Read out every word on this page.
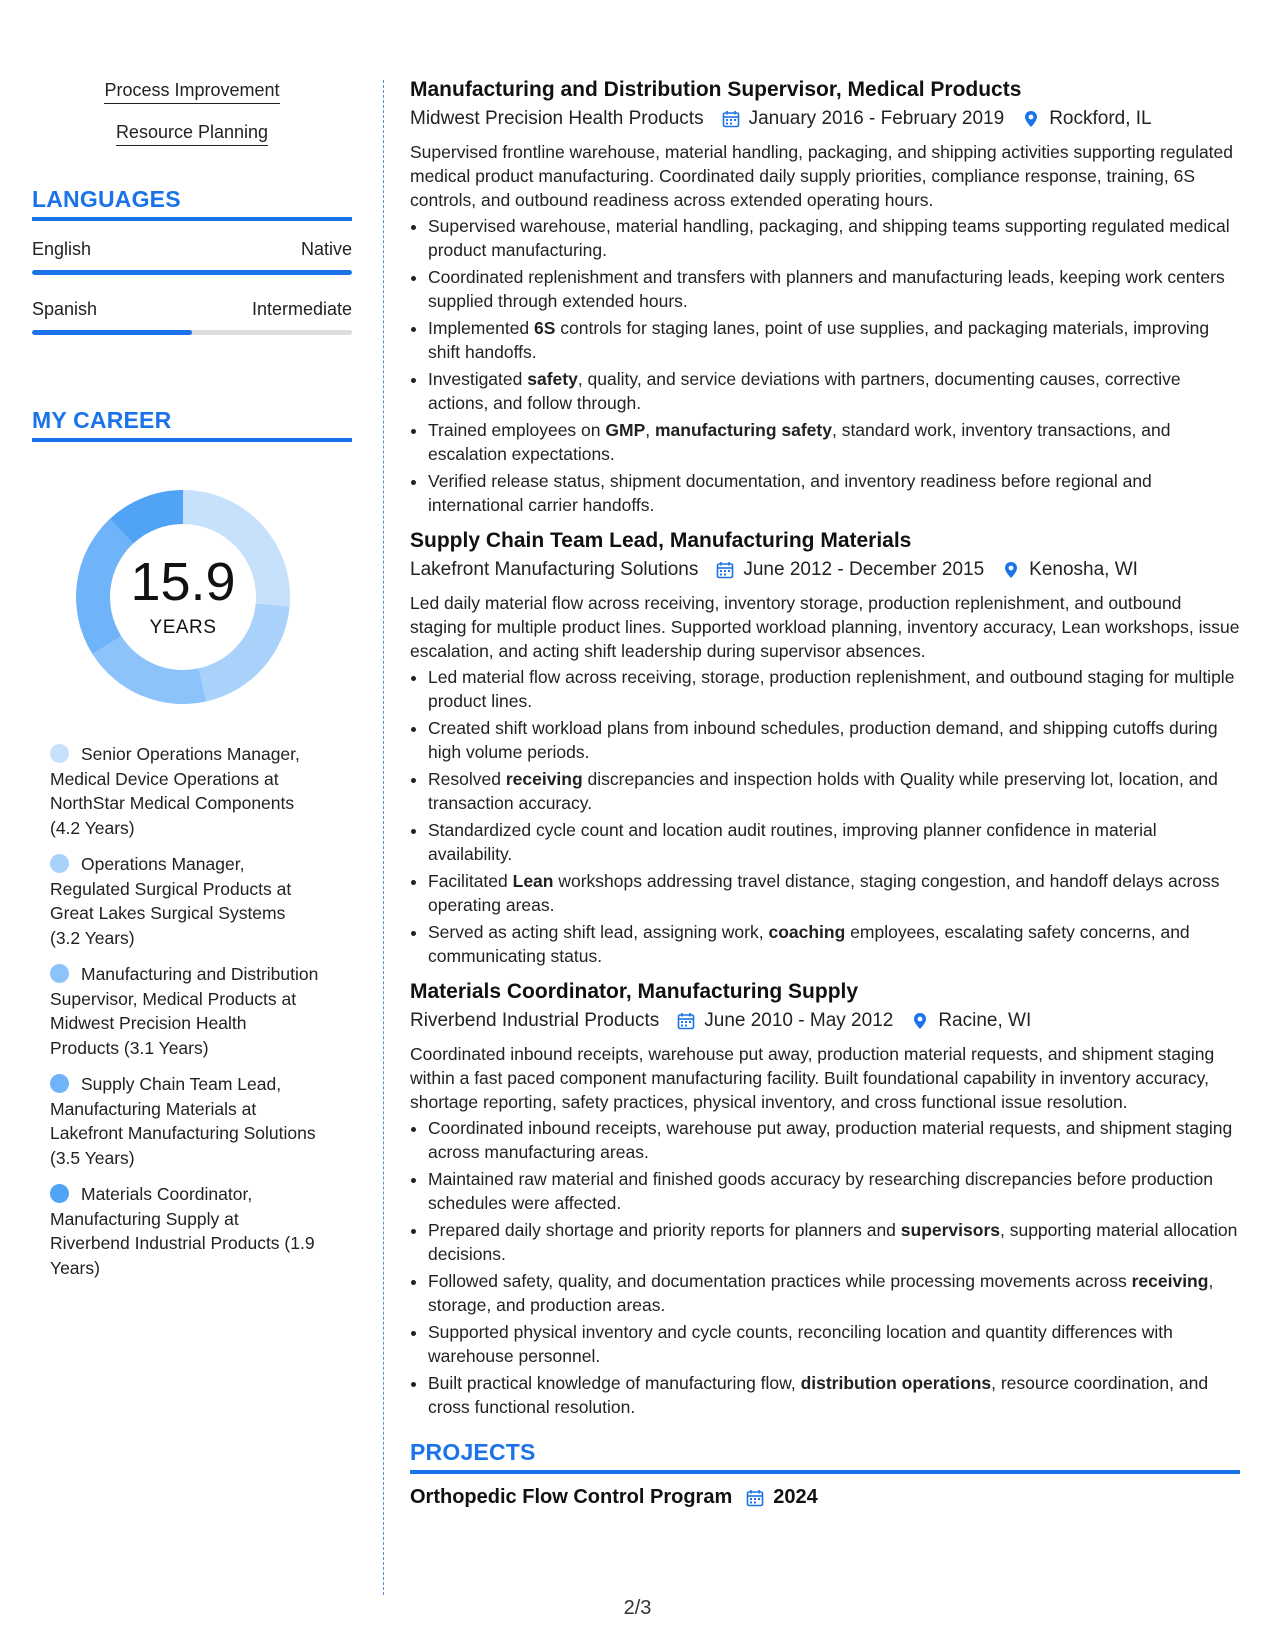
Process Improvement
Resource Planning
LANGUAGES
English	Native
Spanish	Intermediate
MY CAREER
15.9
YEARS
Senior Operations Manager, Medical Device Operations at NorthStar Medical Components (4.2 Years)
Operations Manager, Regulated Surgical Products at Great Lakes Surgical Systems (3.2 Years)
Manufacturing and Distribution Supervisor, Medical Products at Midwest Precision Health Products (3.1 Years)
Supply Chain Team Lead, Manufacturing Materials at Lakefront Manufacturing Solutions (3.5 Years)
Materials Coordinator, Manufacturing Supply at Riverbend Industrial Products (1.9 Years)
Manufacturing and Distribution Supervisor, Medical Products
Midwest Precision Health Products January 2016 - February 2019 Rockford, IL

Supervised frontline warehouse, material handling, packaging, and shipping activities supporting regulated medical product manufacturing. Coordinated daily supply priorities, compliance response, training, 6S controls, and outbound readiness across extended operating hours.

• Supervised warehouse, material handling, packaging, and shipping teams supporting regulated medical product manufacturing.
• Coordinated replenishment and transfers with planners and manufacturing leads, keeping work centers supplied through extended hours.
• Implemented 6S controls for staging lanes, point of use supplies, and packaging materials, improving shift handoffs.
• Investigated safety, quality, and service deviations with partners, documenting causes, corrective actions, and follow through.
• Trained employees on GMP, manufacturing safety, standard work, inventory transactions, and escalation expectations.
• Verified release status, shipment documentation, and inventory readiness before regional and international carrier handoffs.
Supply Chain Team Lead, Manufacturing Materials
Lakefront Manufacturing Solutions June 2012 - December 2015 Kenosha, WI

Led daily material flow across receiving, inventory storage, production replenishment, and outbound staging for multiple product lines. Supported workload planning, inventory accuracy, Lean workshops, issue escalation, and acting shift leadership during supervisor absences.

• Led material flow across receiving, storage, production replenishment, and outbound staging for multiple product lines.
• Created shift workload plans from inbound schedules, production demand, and shipping cutoffs during high volume periods.
• Resolved receiving discrepancies and inspection holds with Quality while preserving lot, location, and transaction accuracy.
• Standardized cycle count and location audit routines, improving planner confidence in material availability.
• Facilitated Lean workshops addressing travel distance, staging congestion, and handoff delays across operating areas.
• Served as acting shift lead, assigning work, coaching employees, escalating safety concerns, and communicating status.
Materials Coordinator, Manufacturing Supply
Riverbend Industrial Products June 2010 - May 2012 Racine, WI

Coordinated inbound receipts, warehouse put away, production material requests, and shipment staging within a fast paced component manufacturing facility. Built foundational capability in inventory accuracy, shortage reporting, safety practices, physical inventory, and cross functional issue resolution.

• Coordinated inbound receipts, warehouse put away, production material requests, and shipment staging across manufacturing areas.
• Maintained raw material and finished goods accuracy by researching discrepancies before production schedules were affected.
• Prepared daily shortage and priority reports for planners and supervisors, supporting material allocation decisions.
• Followed safety, quality, and documentation practices while processing movements across receiving, storage, and production areas.
• Supported physical inventory and cycle counts, reconciling location and quantity differences with warehouse personnel.
• Built practical knowledge of manufacturing flow, distribution operations, resource coordination, and cross functional resolution.
PROJECTS
Orthopedic Flow Control Program 2024
2/3
